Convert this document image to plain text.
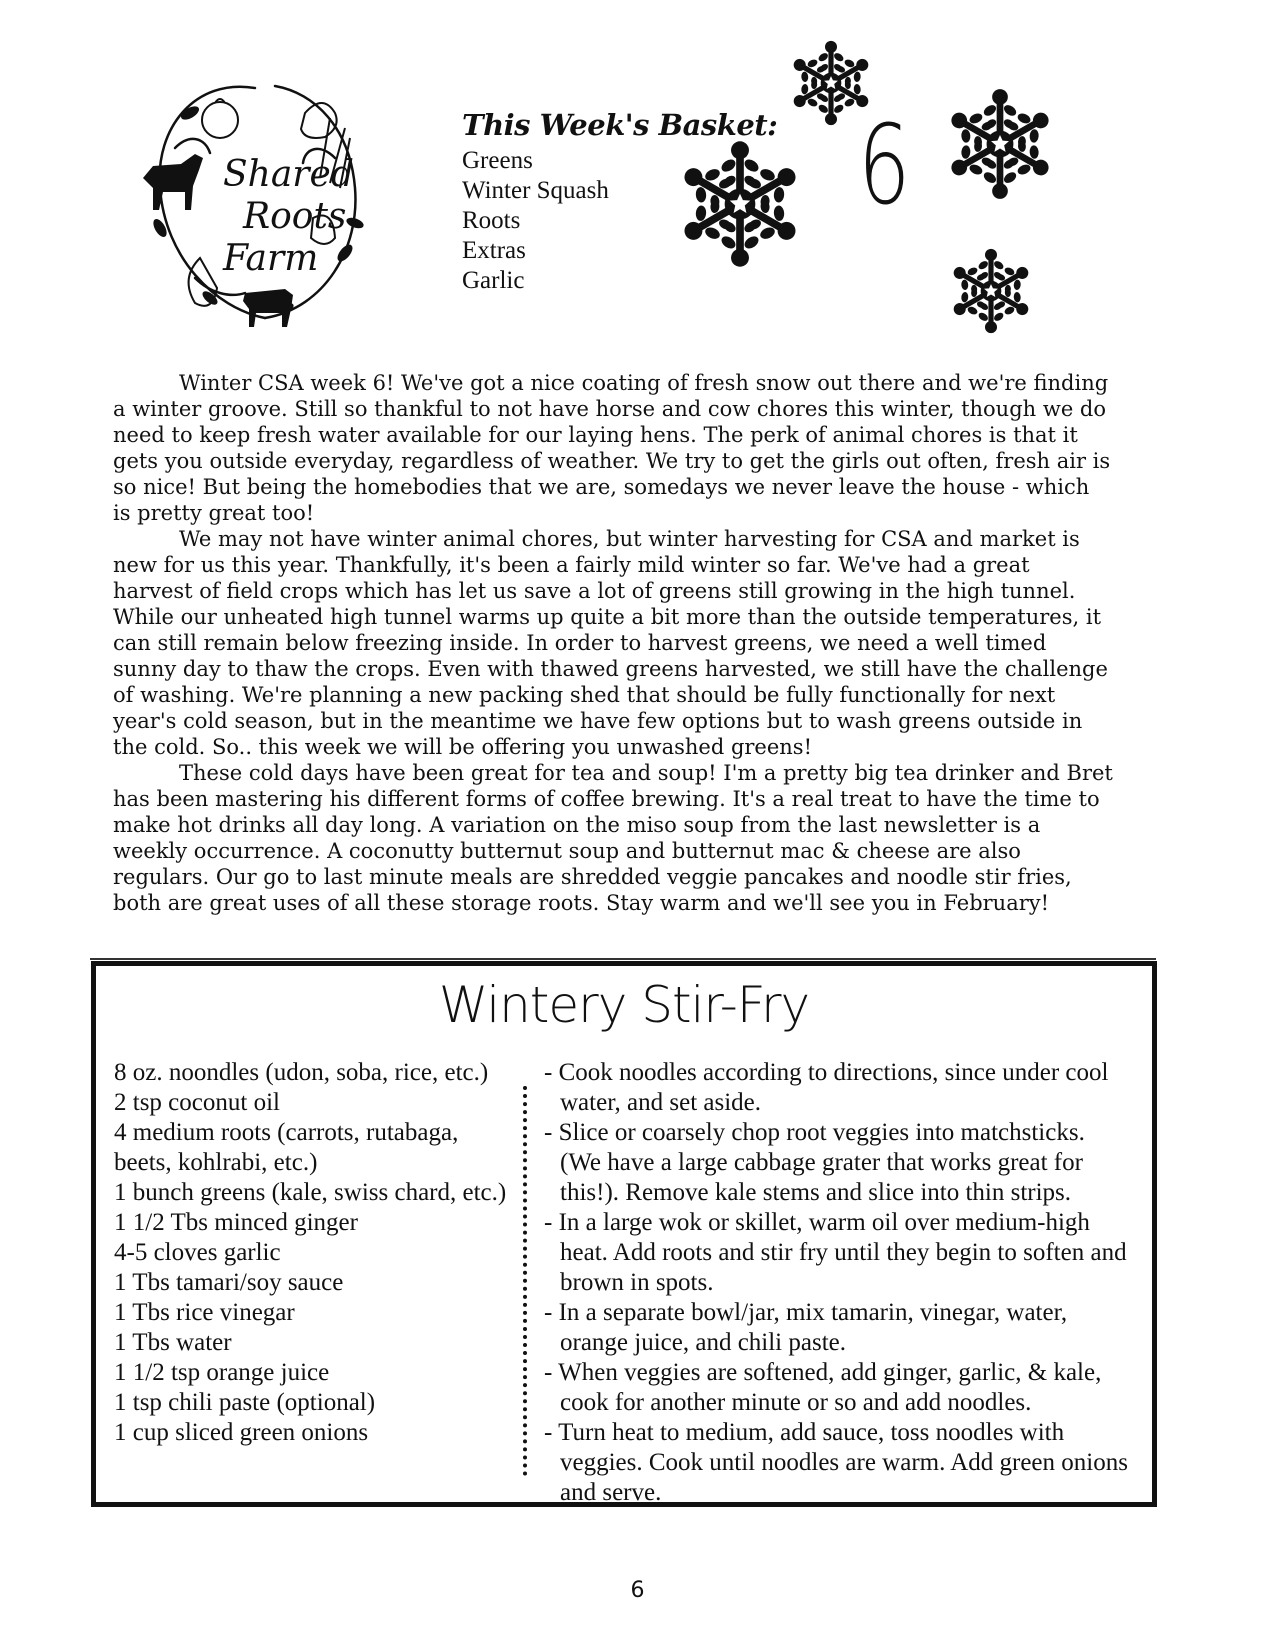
Shared
Roots
Farm
This Week's Basket:
Greens
Winter Squash
Roots
Extras
Garlic
6

Winter CSA week 6! We've got a nice coating of fresh snow out there and we're finding a winter groove. Still so thankful to not have horse and cow chores this winter, though we do need to keep fresh water available for our laying hens. The perk of animal chores is that it gets you outside everyday, regardless of weather. We try to get the girls out often, fresh air is so nice! But being the homebodies that we are, somedays we never leave the house - which is pretty great too!

We may not have winter animal chores, but winter harvesting for CSA and market is new for us this year. Thankfully, it's been a fairly mild winter so far. We've had a great harvest of field crops which has let us save a lot of greens still growing in the high tunnel. While our unheated high tunnel warms up quite a bit more than the outside temperatures, it can still remain below freezing inside. In order to harvest greens, we need a well timed sunny day to thaw the crops. Even with thawed greens harvested, we still have the challenge of washing. We're planning a new packing shed that should be fully functionally for next year's cold season, but in the meantime we have few options but to wash greens outside in the cold. So.. this week we will be offering you unwashed greens!

These cold days have been great for tea and soup! I'm a pretty big tea drinker and Bret has been mastering his different forms of coffee brewing. It's a real treat to have the time to make hot drinks all day long. A variation on the miso soup from the last newsletter is a weekly occurrence. A coconutty butternut soup and butternut mac & cheese are also regulars. Our go to last minute meals are shredded veggie pancakes and noodle stir fries, both are great uses of all these storage roots. Stay warm and we'll see you in February!

Wintery Stir-Fry
8 oz. noondles (udon, soba, rice, etc.)
2 tsp coconut oil
4 medium roots (carrots, rutabaga, beets, kohlrabi, etc.)
1 bunch greens (kale, swiss chard, etc.)
1 1/2 Tbs minced ginger
4-5 cloves garlic
1 Tbs tamari/soy sauce
1 Tbs rice vinegar
1 Tbs water
1 1/2 tsp orange juice
1 tsp chili paste (optional)
1 cup sliced green onions
- Cook noodles according to directions, since under cool water, and set aside.
- Slice or coarsely chop root veggies into matchsticks. (We have a large cabbage grater that works great for this!). Remove kale stems and slice into thin strips.
- In a large wok or skillet, warm oil over medium-high heat. Add roots and stir fry until they begin to soften and brown in spots.
- In a separate bowl/jar, mix tamarin, vinegar, water, orange juice, and chili paste.
- When veggies are softened, add ginger, garlic, & kale, cook for another minute or so and add noodles.
- Turn heat to medium, add sauce, toss noodles with veggies. Cook until noodles are warm. Add green onions and serve.
6
